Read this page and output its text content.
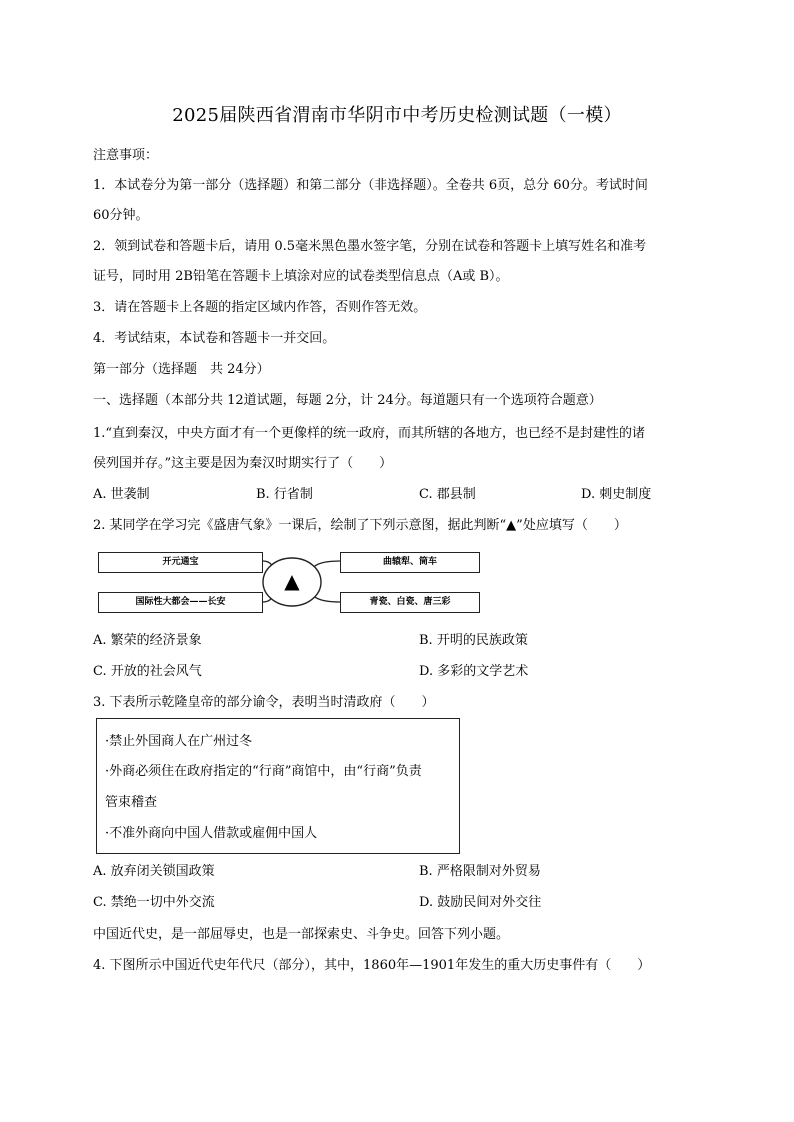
2025届陕西省渭南市华阴市中考历史检测试题（一模）
注意事项：
1．本试卷分为第一部分（选择题）和第二部分（非选择题）。全卷共 6页，总分 60分。考试时间
60分钟。
2．领到试卷和答题卡后，请用 0.5毫米黑色墨水签字笔，分别在试卷和答题卡上填写姓名和准考
证号，同时用 2B铅笔在答题卡上填涂对应的试卷类型信息点（A或 B）。
3．请在答题卡上各题的指定区域内作答，否则作答无效。
4．考试结束，本试卷和答题卡一并交回。
第一部分（选择题　共 24分）
一、选择题（本部分共 12道试题，每题 2分，计 24分。每道题只有一个选项符合题意）
1.“直到秦汉，中央方面才有一个更像样的统一政府，而其所辖的各地方，也已经不是封建性的诸
侯列国并存。”这主要是因为秦汉时期实行了（　　）
A. 世袭制	B. 行省制	C. 郡县制	D. 刺史制度
2. 某同学在学习完《盛唐气象》一课后，绘制了下列示意图，据此判断“▲”处应填写（　　）
开元通宝
国际性大都会——长安
曲辕犁、筒车
青瓷、白瓷、唐三彩
▲
A. 繁荣的经济景象	B. 开明的民族政策
C. 开放的社会风气	D. 多彩的文学艺术
3. 下表所示乾隆皇帝的部分谕令，表明当时清政府（　　）
·禁止外国商人在广州过冬
·外商必须住在政府指定的“行商”商馆中，由“行商”负责
管束稽查
·不准外商向中国人借款或雇佣中国人
A. 放弃闭关锁国政策	B. 严格限制对外贸易
C. 禁绝一切中外交流	D. 鼓励民间对外交往
中国近代史，是一部屈辱史，也是一部探索史、斗争史。回答下列小题。
4. 下图所示中国近代史年代尺（部分），其中，1860年—1901年发生的重大历史事件有（　　）
